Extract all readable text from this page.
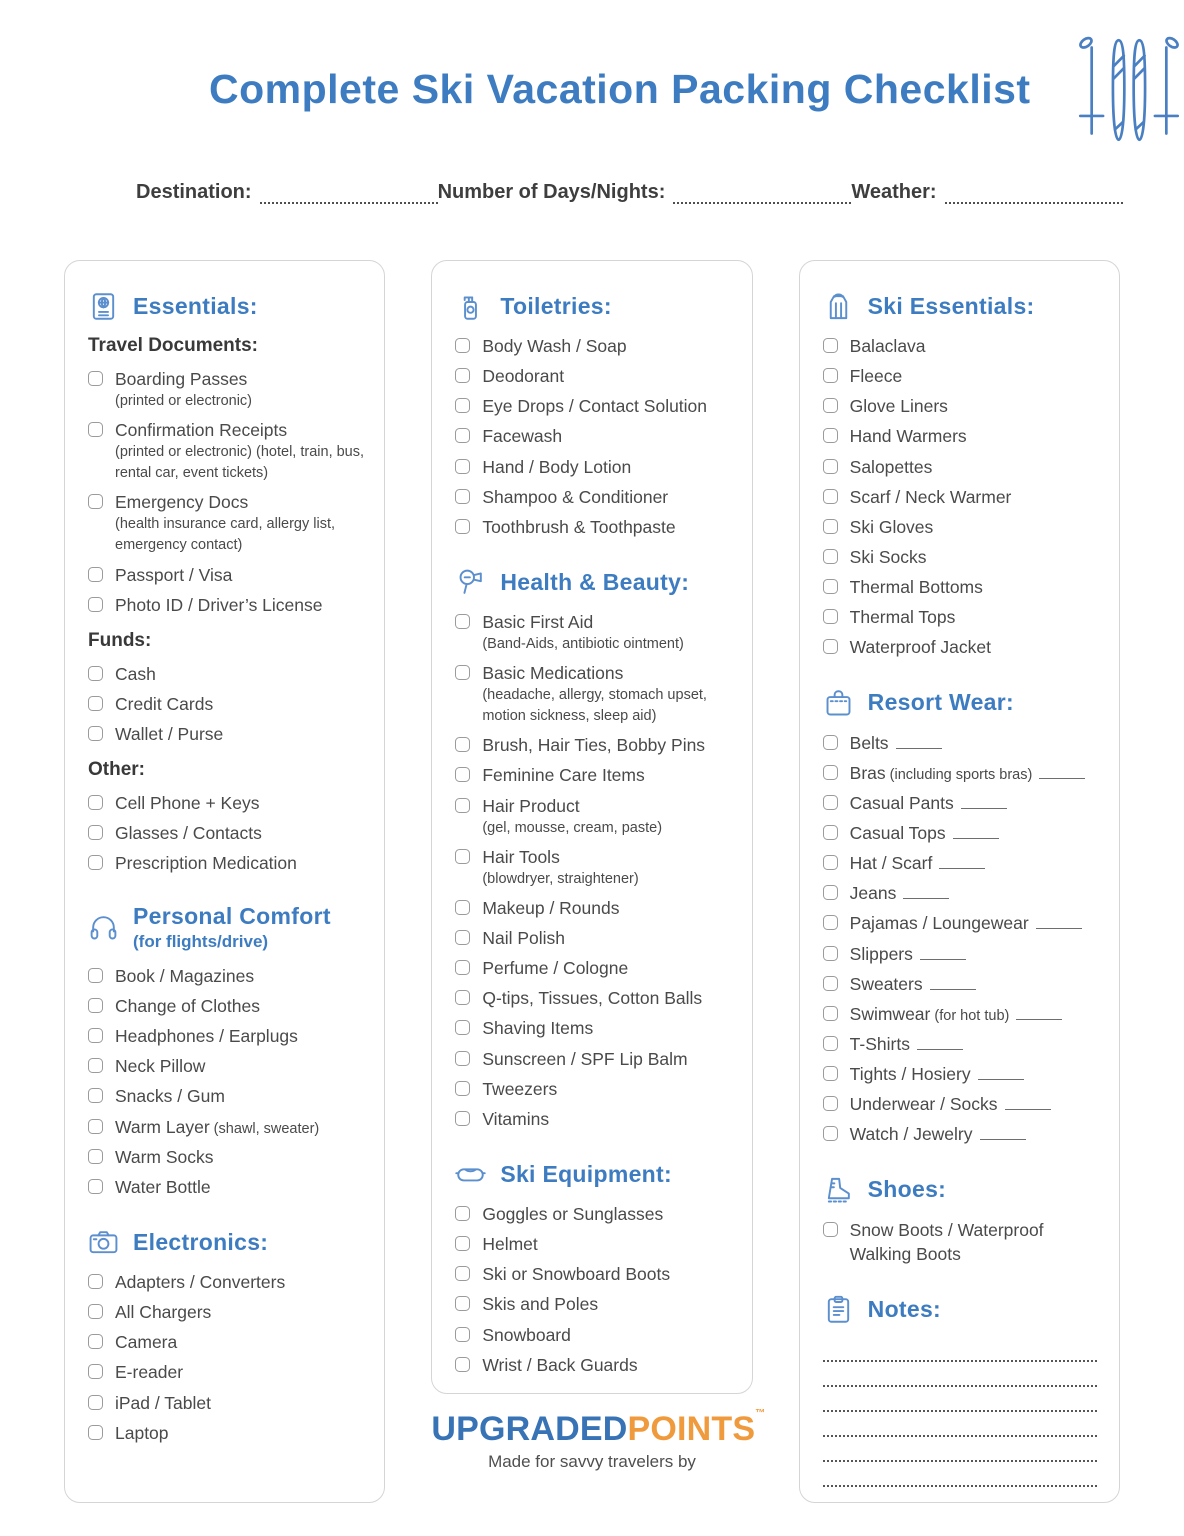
Complete Ski Vacation Packing Checklist
Destination:	Number of Days/Nights:	Weather:
Essentials:
Travel Documents:
Boarding Passes
(printed or electronic)
Confirmation Receipts
(printed or electronic) (hotel, train, bus, rental car, event tickets)
Emergency Docs
(health insurance card, allergy list, emergency contact)
Passport / Visa
Photo ID / Driver’s License
Funds:
Cash
Credit Cards
Wallet / Purse
Other:
Cell Phone + Keys
Glasses / Contacts
Prescription Medication
Personal Comfort
(for flights/drive)
Book / Magazines
Change of Clothes
Headphones / Earplugs
Neck Pillow
Snacks / Gum
Warm Layer (shawl, sweater)
Warm Socks
Water Bottle
Electronics:
Adapters / Converters
All Chargers
Camera
E-reader
iPad / Tablet
Laptop
Toiletries:
Body Wash / Soap
Deodorant
Eye Drops / Contact Solution
Facewash
Hand / Body Lotion
Shampoo & Conditioner
Toothbrush & Toothpaste
Health & Beauty:
Basic First Aid
(Band-Aids, antibiotic ointment)
Basic Medications
(headache, allergy, stomach upset, motion sickness, sleep aid)
Brush, Hair Ties, Bobby Pins
Feminine Care Items
Hair Product
(gel, mousse, cream, paste)
Hair Tools
(blowdryer, straightener)
Makeup / Rounds
Nail Polish
Perfume / Cologne
Q-tips, Tissues, Cotton Balls
Shaving Items
Sunscreen / SPF Lip Balm
Tweezers
Vitamins
Ski Equipment:
Goggles or Sunglasses
Helmet
Ski or Snowboard Boots
Skis and Poles
Snowboard
Wrist / Back Guards
UPGRADEDPOINTS™
Made for savvy travelers by
Ski Essentials:
Balaclava
Fleece
Glove Liners
Hand Warmers
Salopettes
Scarf / Neck Warmer
Ski Gloves
Ski Socks
Thermal Bottoms
Thermal Tops
Waterproof Jacket
Resort Wear:
Belts
Bras (including sports bras)
Casual Pants
Casual Tops
Hat / Scarf
Jeans
Pajamas / Loungewear
Slippers
Sweaters
Swimwear (for hot tub)
T-Shirts
Tights / Hosiery
Underwear / Socks
Watch / Jewelry
Shoes:
Snow Boots / Waterproof Walking Boots
Notes:
